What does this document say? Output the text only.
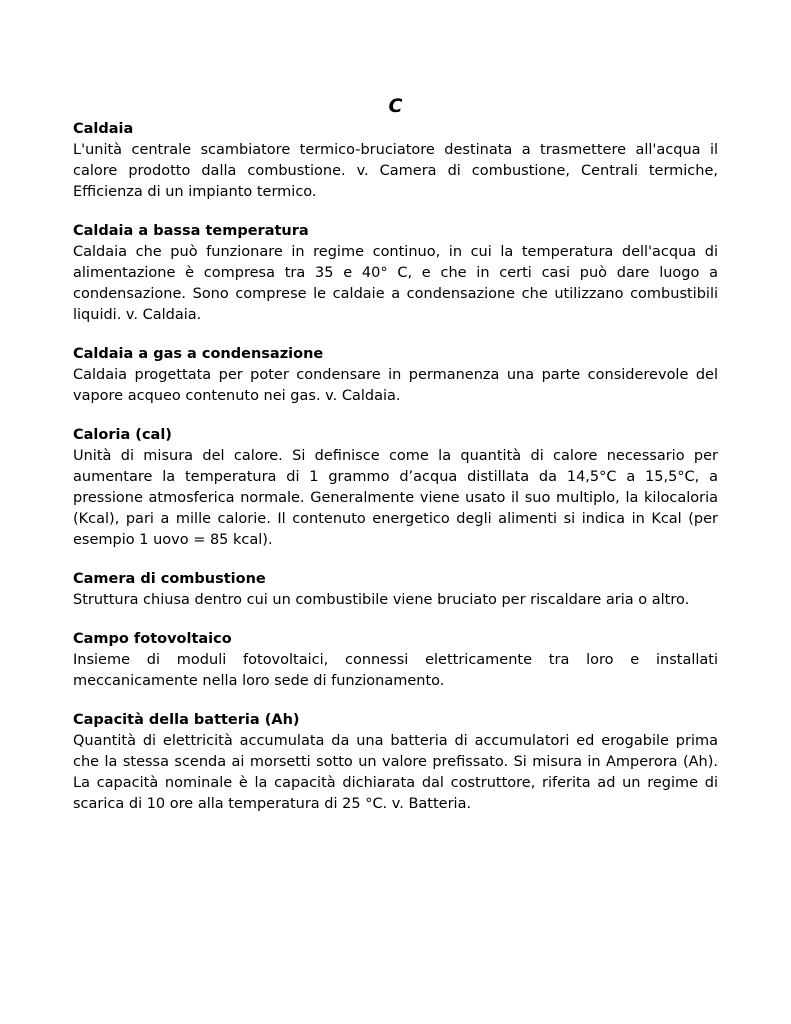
C

Caldaia

L'unità centrale scambiatore termico-bruciatore destinata a trasmettere all'acqua il calore prodotto dalla combustione. v. Camera di combustione, Centrali termiche, Efficienza di un impianto termico.

Caldaia a bassa temperatura

Caldaia che può funzionare in regime continuo, in cui la temperatura dell'acqua di alimentazione è compresa tra 35 e 40° C, e che in certi casi può dare luogo a condensazione. Sono comprese le caldaie a condensazione che utilizzano combustibili liquidi. v. Caldaia.

Caldaia a gas a condensazione

Caldaia progettata per poter condensare in permanenza una parte considerevole del vapore acqueo contenuto nei gas. v. Caldaia.

Caloria (cal)

Unità di misura del calore. Si definisce come la quantità di calore necessario per aumentare la temperatura di 1 grammo d’acqua distillata da 14,5°C a 15,5°C, a pressione atmosferica normale. Generalmente viene usato il suo multiplo, la kilocaloria (Kcal), pari a mille calorie. Il contenuto energetico degli alimenti si indica in Kcal (per esempio 1 uovo = 85 kcal).

Camera di combustione

Struttura chiusa dentro cui un combustibile viene bruciato per riscaldare aria o altro.

Campo fotovoltaico

Insieme di moduli fotovoltaici, connessi elettricamente tra loro e installati meccanicamente nella loro sede di funzionamento.

Capacità della batteria (Ah)

Quantità di elettricità accumulata da una batteria di accumulatori ed erogabile prima che la stessa scenda ai morsetti sotto un valore prefissato. Si misura in Amperora (Ah). La capacità nominale è la capacità dichiarata dal costruttore, riferita ad un regime di scarica di 10 ore alla temperatura di 25 °C. v. Batteria.
